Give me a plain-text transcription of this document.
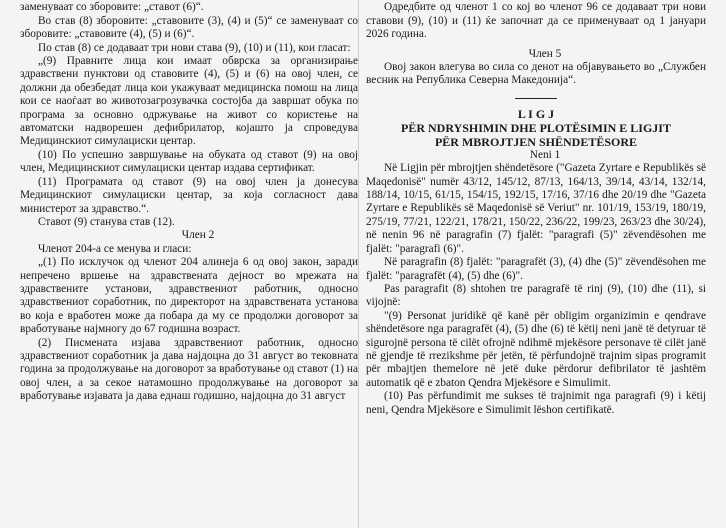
заменуваат со зборовите: „ставот (6)“.

Во став (8) зборовите: „ставовите (3), (4) и (5)“ се заменуваат со зборовите: „ставовите (4), (5) и (6)“.

По став (8) се додаваат три нови става (9), (10) и (11), кои гласат:

„(9) Правните лица кои имаат обврска за организирање здравствени пунктови од ставовите (4), (5) и (6) на овој член, се должни да обезбедат лица кои укажуваат медицинска помош на лица кои се наоѓаат во животозагрозувачка состојба да завршат обука по програма за основно одржување на живот со користење на автоматски надворешен дефибрилатор, којашто ја спроведува Медицинскиот симулациски центар.

(10) По успешно завршување на обуката од ставот (9) на овој член, Медицинскиот симулациски центар издава сертификат.

(11) Програмата од ставот (9) на овој член ја донесува Медицинскиот симулациски центар, за која согласност дава министерот за здравство.“.

Ставот (9) станува став (12).

Член 2

Членот 204-а се менува и гласи:

„(1) По исклучок од членот 204 алинеја 6 од овој закон, заради непречено вршење на здравствената дејност во мрежата на здравствените установи, здравствениот работник, односно здравствениот соработник, по директорот на здравствената установа во која е вработен може да побара да му се продолжи договорот за вработување најмногу до 67 годишна возраст.

(2) Писмената изјава здравствениот работник, односно здравствениот соработник ја дава најдоцна до 31 август во тековната година за продолжување на договорот за вработување од ставот (1) на овој член, а за секое натамошно продолжување на договорот за вработување изјавата ја дава еднаш годишно, најдоцна до 31 август

Одредбите од членот 1 со кој во членот 96 се додаваат три нови ставови (9), (10) и (11) ќе започнат да се применуваат од 1 јануари 2026 година.

Член 5

Овој закон влегува во сила со денот на објавувањето во „Службен весник на Република Северна Македонија“.

L I G J
PËR NDRYSHIMIN DHE PLOTËSIMIN E LIGJIT
PËR MBROJTJEN SHËNDETËSORE

Neni 1

Në Ligjin për mbrojtjen shëndetësore ("Gazeta Zyrtare e Republikës së Maqedonisë" numër 43/12, 145/12, 87/13, 164/13, 39/14, 43/14, 132/14, 188/14, 10/15, 61/15, 154/15, 192/15, 17/16, 37/16 dhe 20/19 dhe "Gazeta Zyrtare e Republikës së Maqedonisë së Veriut" nr. 101/19, 153/19, 180/19, 275/19, 77/21, 122/21, 178/21, 150/22, 236/22, 199/23, 263/23 dhe 30/24), në nenin 96 në paragrafin (7) fjalët: "paragrafi (5)" zëvendësohen me fjalët: "paragrafi (6)".

Në paragrafin (8) fjalët: "paragrafët (3), (4) dhe (5)" zëvendësohen me fjalët: "paragrafët (4), (5) dhe (6)".

Pas paragrafit (8) shtohen tre paragrafë të rinj (9), (10) dhe (11), si vijojnë:

"(9) Personat juridikë që kanë për obligim organizimin e qendrave shëndetësore nga paragrafët (4), (5) dhe (6) të këtij neni janë të detyruar të sigurojnë persona të cilët ofrojnë ndihmë mjekësore personave të cilët janë në gjendje të rrezikshme për jetën, të përfundojnë trajnim sipas programit për mbajtjen themelore në jetë duke përdorur defibrilator të jashtëm automatik që e zbaton Qendra Mjekësore e Simulimit.

(10) Pas përfundimit me sukses të trajnimit nga paragrafi (9) i këtij neni, Qendra Mjekësore e Simulimit lëshon certifikatë.
